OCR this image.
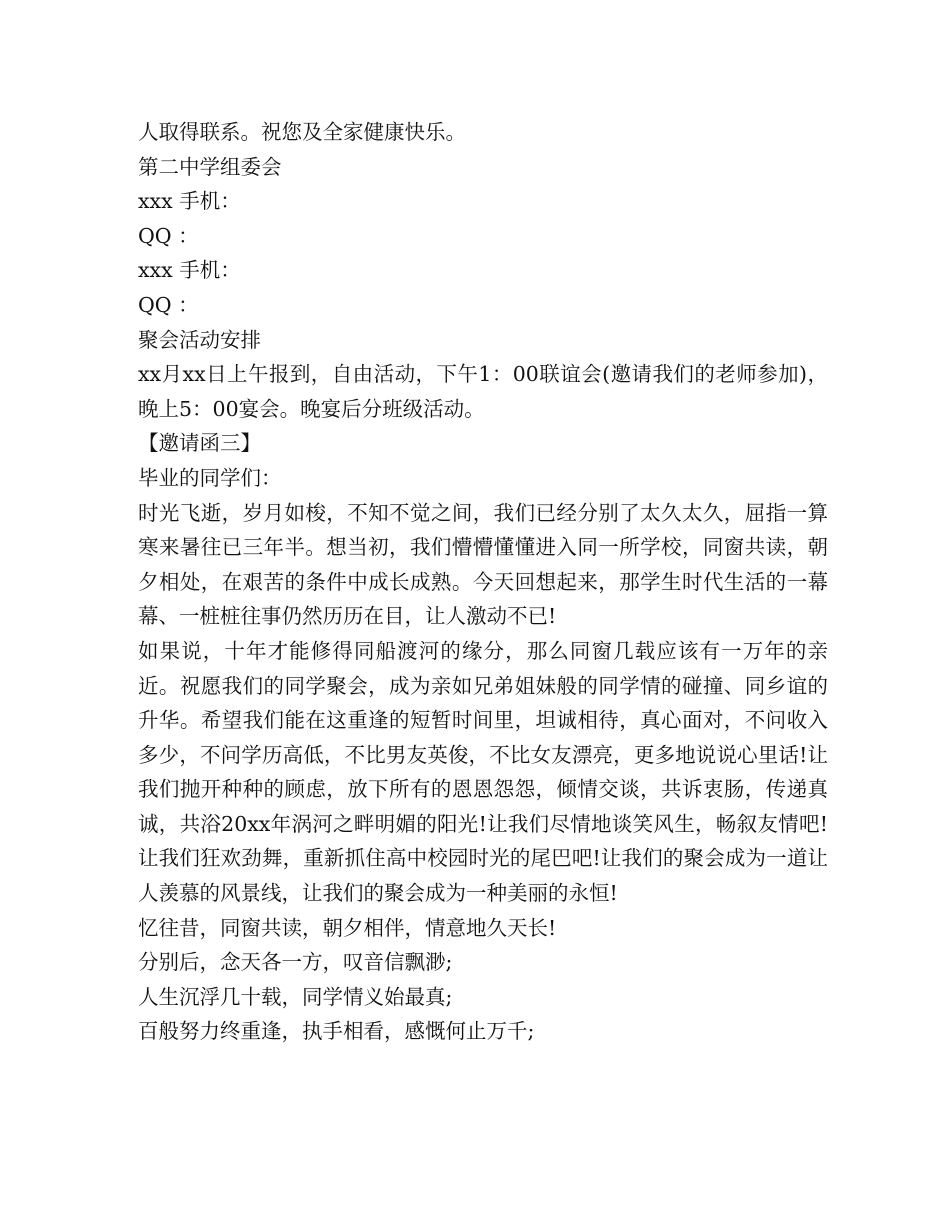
人取得联系。祝您及全家健康快乐。
第二中学组委会
xxx 手机：
QQ ：
xxx 手机：
QQ ：
聚会活动安排
xx月xx日上午报到，自由活动，下午1：00联谊会(邀请我们的老师参加)，晚上5：00宴会。晚宴后分班级活动。
【邀请函三】
毕业的同学们：
时光飞逝，岁月如梭，不知不觉之间，我们已经分别了太久太久，屈指一算寒来暑往已三年半。想当初，我们懵懵懂懂进入同一所学校，同窗共读，朝夕相处，在艰苦的条件中成长成熟。今天回想起来，那学生时代生活的一幕幕、一桩桩往事仍然历历在目，让人激动不已!
如果说，十年才能修得同船渡河的缘分，那么同窗几载应该有一万年的亲近。祝愿我们的同学聚会，成为亲如兄弟姐妹般的同学情的碰撞、同乡谊的升华。希望我们能在这重逢的短暂时间里，坦诚相待，真心面对，不问收入多少，不问学历高低，不比男友英俊，不比女友漂亮，更多地说说心里话!让我们抛开种种的顾虑，放下所有的恩恩怨怨，倾情交谈，共诉衷肠，传递真诚，共浴20xx年涡河之畔明媚的阳光!让我们尽情地谈笑风生，畅叙友情吧!让我们狂欢劲舞，重新抓住高中校园时光的尾巴吧!让我们的聚会成为一道让人羡慕的风景线，让我们的聚会成为一种美丽的永恒!
忆往昔，同窗共读，朝夕相伴，情意地久天长!
分别后，念天各一方，叹音信飘渺;
人生沉浮几十载，同学情义始最真;
百般努力终重逢，执手相看，感慨何止万千;
